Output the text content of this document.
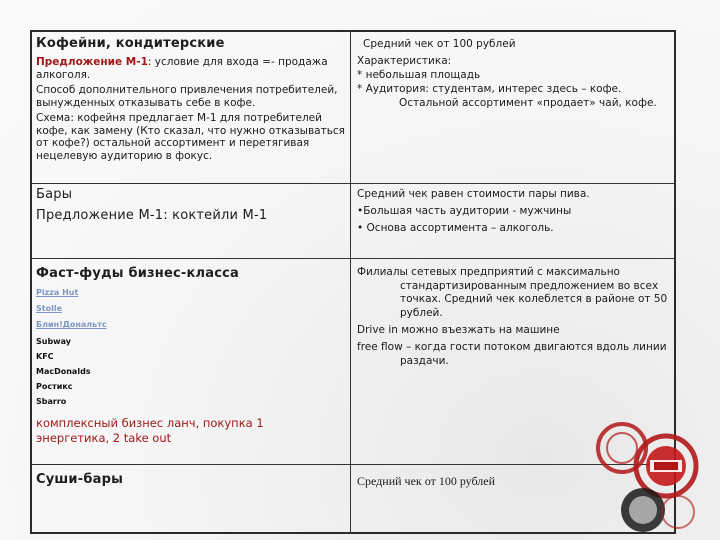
Кофейни, кондитерские
Предложение М-1: условие для входа =- продажа алкоголя.
Способ дополнительного привлечения потребителей, вынужденных отказывать себе в кофе.
Схема: кофейня предлагает М-1 для потребителей кофе, как замену (Кто сказал, что нужно отказываться от кофе?) остальной ассортимент и перетягивая нецелевую аудиторию в фокус.
Средний чек от 100 рублей
Характеристика:
* небольшая площадь
* Аудитория: студентам, интерес здесь – кофе. Остальной ассортимент «продает» чай, кофе.
Бары
Предложение М-1: коктейли М-1
Средний чек равен стоимости пары пива.
•Большая часть аудитории - мужчины
• Основа ассортимента – алкоголь.
Фаст-фуды бизнес-класса
Pizza Hut
Stolle
Блин!Дональтс
Subway
KFC
MacDonalds
Ростикс
Sbarro
комплексный бизнес ланч, покупка 1 энергетика, 2 take out
Филиалы сетевых предприятий с максимально стандартизированным предложением во всех точках. Средний чек колеблется в районе от 50 рублей.
Drive in можно въезжать на машине
free flow – когда гости потоком двигаются вдоль линии раздачи.
Суши-бары	Средний чек от 100 рублей
